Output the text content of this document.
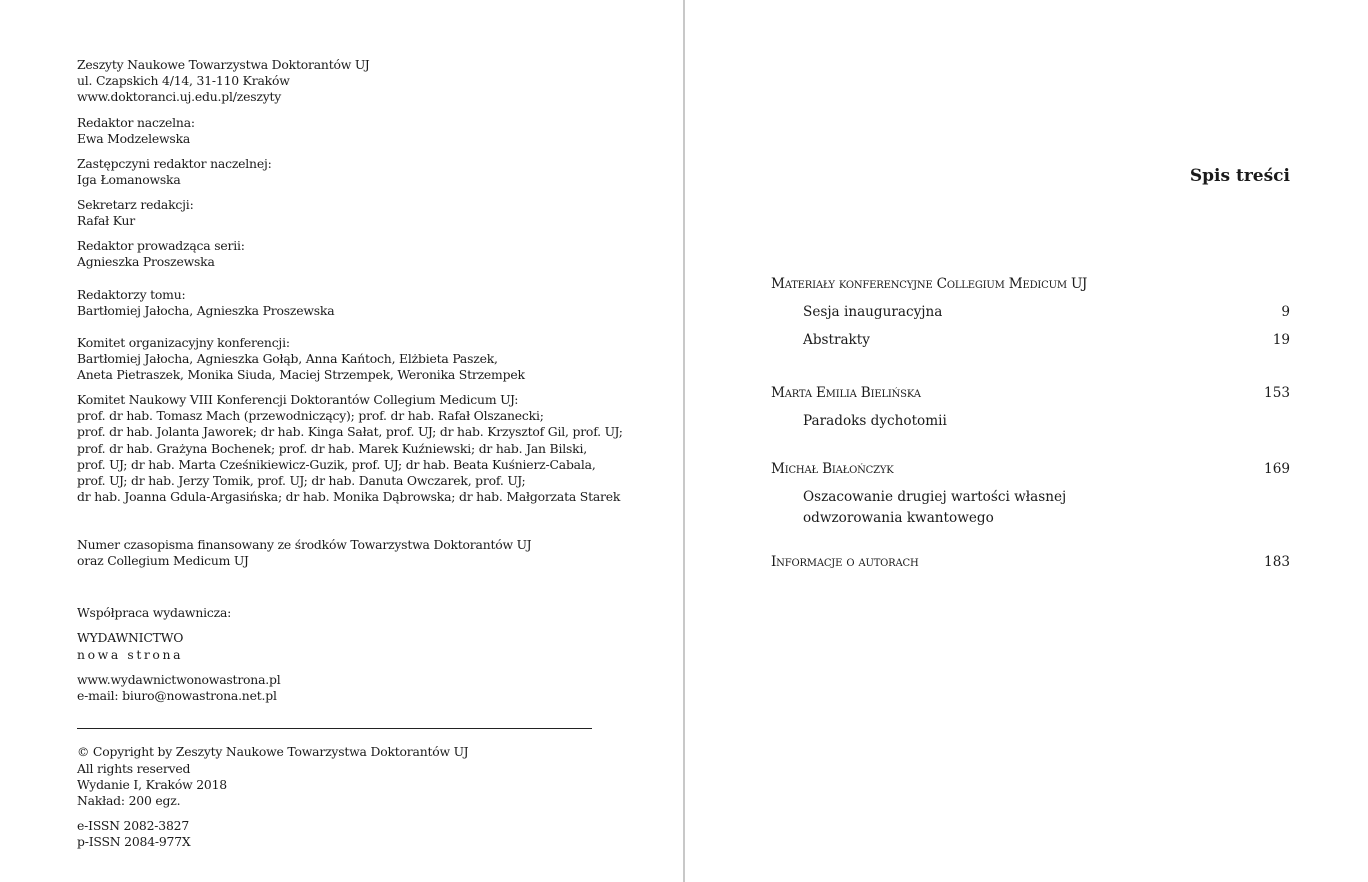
Zeszyty Naukowe Towarzystwa Doktorantów UJ
ul. Czapskich 4/14, 31-110 Kraków
www.doktoranci.uj.edu.pl/zeszyty
Redaktor naczelna:
Ewa Modzelewska
Zastępczyni redaktor naczelnej:
Iga Łomanowska
Sekretarz redakcji:
Rafał Kur
Redaktor prowadząca serii:
Agnieszka Proszewska
Redaktorzy tomu:
Bartłomiej Jałocha, Agnieszka Proszewska
Komitet organizacyjny konferencji:
Bartłomiej Jałocha, Agnieszka Gołąb, Anna Kańtoch, Elżbieta Paszek,
Aneta Pietraszek, Monika Siuda, Maciej Strzempek, Weronika Strzempek
Komitet Naukowy VIII Konferencji Doktorantów Collegium Medicum UJ:
prof. dr hab. Tomasz Mach (przewodniczący); prof. dr hab. Rafał Olszanecki;
prof. dr hab. Jolanta Jaworek; dr hab. Kinga Sałat, prof. UJ; dr hab. Krzysztof Gil, prof. UJ;
prof. dr hab. Grażyna Bochenek; prof. dr hab. Marek Kuźniewski; dr hab. Jan Bilski,
prof. UJ; dr hab. Marta Cześnikiewicz-Guzik, prof. UJ; dr hab. Beata Kuśnierz-Cabala,
prof. UJ; dr hab. Jerzy Tomik, prof. UJ; dr hab. Danuta Owczarek, prof. UJ;
dr hab. Joanna Gdula-Argasińska; dr hab. Monika Dąbrowska; dr hab. Małgorzata Starek
Numer czasopisma finansowany ze środków Towarzystwa Doktorantów UJ
oraz Collegium Medicum UJ
Współpraca wydawnicza:
WYDAWNICTWO
nowa strona
www.wydawnictwonowastrona.pl
e-mail: biuro@nowastrona.net.pl
© Copyright by Zeszyty Naukowe Towarzystwa Doktorantów UJ
All rights reserved
Wydanie I, Kraków 2018
Nakład: 200 egz.
e-ISSN 2082-3827
p-ISSN 2084-977X
Spis treści
Materiały konferencyjne Collegium Medicum UJ
Sesja inauguracyjna	9
Abstrakty	19
Marta Emilia Bielińska	153
Paradoks dychotomii
Michał Białończyk	169
Oszacowanie drugiej wartości własnej
odwzorowania kwantowego
Informacje o autorach	183
